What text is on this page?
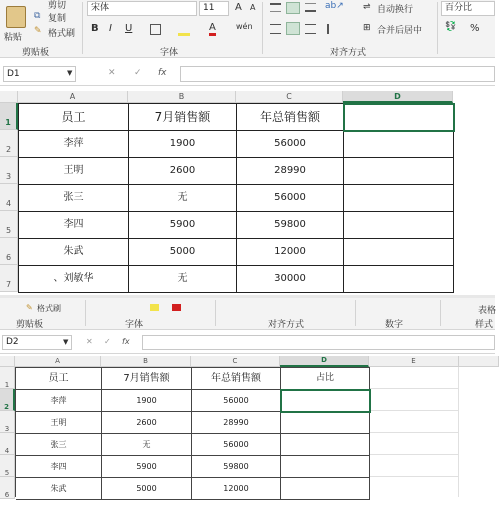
粘贴
剪切
⧉ 复制
✎ 格式刷
剪贴板
宋体	11	A A
B I U	A	wén
字体
ab↗ ⇌ 自动换行
⊞ 合并后居中
对齐方式
百分比
💱 %
D1	▼	✕ ✓ fx
A	B	C	D
1
2
3
4
5
6
7
员工	7月销售额	年总销售额
李萍	1900	56000
王明	2600	28990
张三	无	56000
李四	5900	59800
朱武	5000	12000
、刘敏华	无	30000
✎ 格式刷
剪贴板	字体	对齐方式	数字	样式
表格
D2	▼ ✕ ✓ fx
A	B	C	D	E
1
2
3
4
5
6
员工	7月销售额	年总销售额	占比
李萍	1900	56000
王明	2600	28990
张三	无	56000
李四	5900	59800
朱武	5000	12000
